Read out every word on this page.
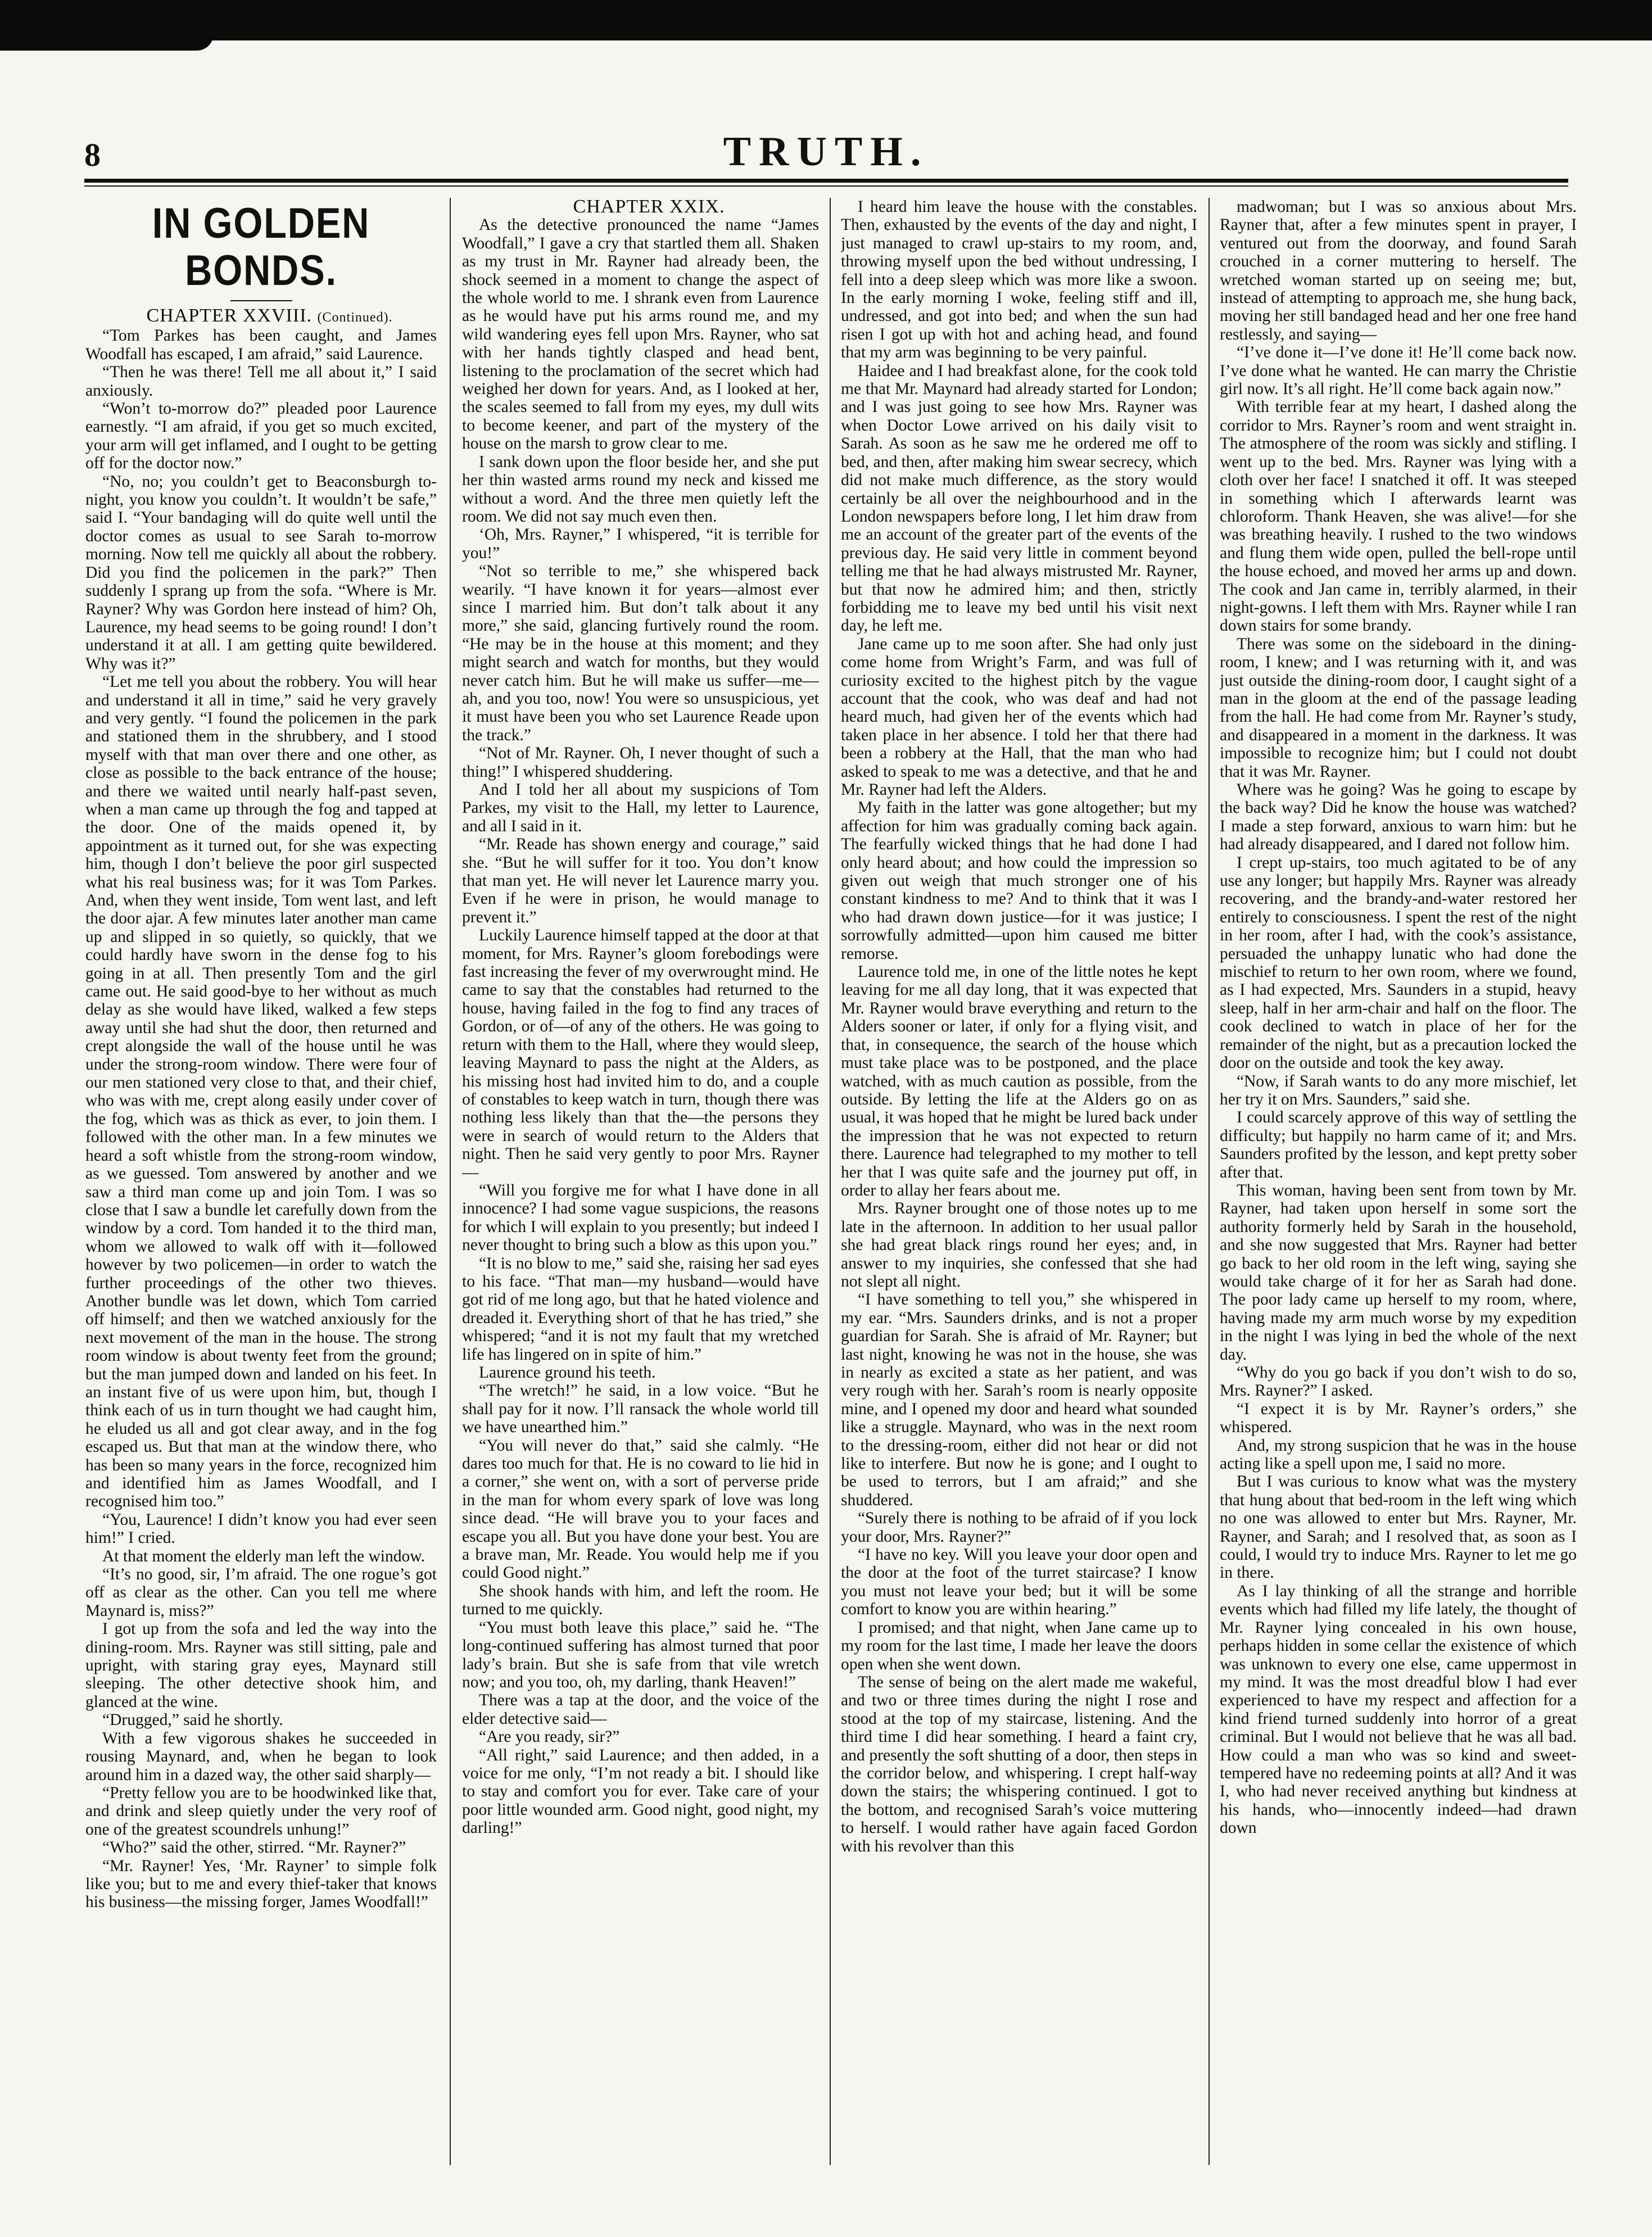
8	TRUTH.
IN GOLDEN BONDS.

CHAPTER XXVIII. (Continued).

“Tom Parkes has been caught, and James Woodfall has escaped, I am afraid,” said Laurence.

“Then he was there! Tell me all about it,” I said anxiously.

“Won’t to-morrow do?” pleaded poor Laurence earnestly. “I am afraid, if you get so much excited, your arm will get inflamed, and I ought to be getting off for the doctor now.”

“No, no; you couldn’t get to Beaconsburgh to-night, you know you couldn’t. It wouldn’t be safe,” said I. “Your bandaging will do quite well until the doctor comes as usual to see Sarah to-morrow morning. Now tell me quickly all about the robbery. Did you find the policemen in the park?” Then suddenly I sprang up from the sofa. “Where is Mr. Rayner? Why was Gordon here instead of him? Oh, Laurence, my head seems to be going round! I don’t understand it at all. I am getting quite bewildered. Why was it?”

“Let me tell you about the robbery. You will hear and understand it all in time,” said he very gravely and very gently. “I found the policemen in the park and stationed them in the shrubbery, and I stood myself with that man over there and one other, as close as possible to the back entrance of the house; and there we waited until nearly half-past seven, when a man came up through the fog and tapped at the door. One of the maids opened it, by appointment as it turned out, for she was expecting him, though I don’t believe the poor girl suspected what his real business was; for it was Tom Parkes. And, when they went inside, Tom went last, and left the door ajar. A few minutes later another man came up and slipped in so quietly, so quickly, that we could hardly have sworn in the dense fog to his going in at all. Then presently Tom and the girl came out. He said good-bye to her without as much delay as she would have liked, walked a few steps away until she had shut the door, then returned and crept alongside the wall of the house until he was under the strong-room window. There were four of our men stationed very close to that, and their chief, who was with me, crept along easily under cover of the fog, which was as thick as ever, to join them. I followed with the other man. In a few minutes we heard a soft whistle from the strong-room window, as we guessed. Tom answered by another and we saw a third man come up and join Tom. I was so close that I saw a bundle let carefully down from the window by a cord. Tom handed it to the third man, whom we allowed to walk off with it—followed however by two policemen—in order to watch the further proceedings of the other two thieves. Another bundle was let down, which Tom carried off himself; and then we watched anxiously for the next movement of the man in the house. The strong room window is about twenty feet from the ground; but the man jumped down and landed on his feet. In an instant five of us were upon him, but, though I think each of us in turn thought we had caught him, he eluded us all and got clear away, and in the fog escaped us. But that man at the window there, who has been so many years in the force, recognized him and identified him as James Woodfall, and I recognised him too.”

“You, Laurence! I didn’t know you had ever seen him!” I cried.

At that moment the elderly man left the window.

“It’s no good, sir, I’m afraid. The one rogue’s got off as clear as the other. Can you tell me where Maynard is, miss?”

I got up from the sofa and led the way into the dining-room. Mrs. Rayner was still sitting, pale and upright, with staring gray eyes, Maynard still sleeping. The other detective shook him, and glanced at the wine.

“Drugged,” said he shortly.

With a few vigorous shakes he succeeded in rousing Maynard, and, when he began to look around him in a dazed way, the other said sharply—

“Pretty fellow you are to be hoodwinked like that, and drink and sleep quietly under the very roof of one of the greatest scoundrels unhung!”

“Who?” said the other, stirred. “Mr. Rayner?”

“Mr. Rayner! Yes, ‘Mr. Rayner’ to simple folk like you; but to me and every thief-taker that knows his business—the missing forger, James Woodfall!”

CHAPTER XXIX.

As the detective pronounced the name “James Woodfall,” I gave a cry that startled them all. Shaken as my trust in Mr. Rayner had already been, the shock seemed in a moment to change the aspect of the whole world to me. I shrank even from Laurence as he would have put his arms round me, and my wild wandering eyes fell upon Mrs. Rayner, who sat with her hands tightly clasped and head bent, listening to the proclamation of the secret which had weighed her down for years. And, as I looked at her, the scales seemed to fall from my eyes, my dull wits to become keener, and part of the mystery of the house on the marsh to grow clear to me.

I sank down upon the floor beside her, and she put her thin wasted arms round my neck and kissed me without a word. And the three men quietly left the room. We did not say much even then.

‘Oh, Mrs. Rayner,” I whispered, “it is terrible for you!”

“Not so terrible to me,” she whispered back wearily. “I have known it for years—almost ever since I married him. But don’t talk about it any more,” she said, glancing furtively round the room. “He may be in the house at this moment; and they might search and watch for months, but they would never catch him. But he will make us suffer—me—ah, and you too, now! You were so unsuspicious, yet it must have been you who set Laurence Reade upon the track.”

“Not of Mr. Rayner. Oh, I never thought of such a thing!” I whispered shuddering.

And I told her all about my suspicions of Tom Parkes, my visit to the Hall, my letter to Laurence, and all I said in it.

“Mr. Reade has shown energy and courage,” said she. “But he will suffer for it too. You don’t know that man yet. He will never let Laurence marry you. Even if he were in prison, he would manage to prevent it.”

Luckily Laurence himself tapped at the door at that moment, for Mrs. Rayner’s gloom forebodings were fast increasing the fever of my overwrought mind. He came to say that the constables had returned to the house, having failed in the fog to find any traces of Gordon, or of—of any of the others. He was going to return with them to the Hall, where they would sleep, leaving Maynard to pass the night at the Alders, as his missing host had invited him to do, and a couple of constables to keep watch in turn, though there was nothing less likely than that the—the persons they were in search of would return to the Alders that night. Then he said very gently to poor Mrs. Rayner—

“Will you forgive me for what I have done in all innocence? I had some vague suspicions, the reasons for which I will explain to you presently; but indeed I never thought to bring such a blow as this upon you.”

“It is no blow to me,” said she, raising her sad eyes to his face. “That man—my husband—would have got rid of me long ago, but that he hated violence and dreaded it. Everything short of that he has tried,” she whispered; “and it is not my fault that my wretched life has lingered on in spite of him.”

Laurence ground his teeth.

“The wretch!” he said, in a low voice. “But he shall pay for it now. I’ll ransack the whole world till we have unearthed him.”

“You will never do that,” said she calmly. “He dares too much for that. He is no coward to lie hid in a corner,” she went on, with a sort of perverse pride in the man for whom every spark of love was long since dead. “He will brave you to your faces and escape you all. But you have done your best. You are a brave man, Mr. Reade. You would help me if you could Good night.”

She shook hands with him, and left the room. He turned to me quickly.

“You must both leave this place,” said he. “The long-continued suffering has almost turned that poor lady’s brain. But she is safe from that vile wretch now; and you too, oh, my darling, thank Heaven!”

There was a tap at the door, and the voice of the elder detective said—

“Are you ready, sir?”

“All right,” said Laurence; and then added, in a voice for me only, “I’m not ready a bit. I should like to stay and comfort you for ever. Take care of your poor little wounded arm. Good night, good night, my darling!”

I heard him leave the house with the constables. Then, exhausted by the events of the day and night, I just managed to crawl up-stairs to my room, and, throwing myself upon the bed without undressing, I fell into a deep sleep which was more like a swoon. In the early morning I woke, feeling stiff and ill, undressed, and got into bed; and when the sun had risen I got up with hot and aching head, and found that my arm was beginning to be very painful.

Haidee and I had breakfast alone, for the cook told me that Mr. Maynard had already started for London; and I was just going to see how Mrs. Rayner was when Doctor Lowe arrived on his daily visit to Sarah. As soon as he saw me he ordered me off to bed, and then, after making him swear secrecy, which did not make much difference, as the story would certainly be all over the neighbourhood and in the London newspapers before long, I let him draw from me an account of the greater part of the events of the previous day. He said very little in comment beyond telling me that he had always mistrusted Mr. Rayner, but that now he admired him; and then, strictly forbidding me to leave my bed until his visit next day, he left me.

Jane came up to me soon after. She had only just come home from Wright’s Farm, and was full of curiosity excited to the highest pitch by the vague account that the cook, who was deaf and had not heard much, had given her of the events which had taken place in her absence. I told her that there had been a robbery at the Hall, that the man who had asked to speak to me was a detective, and that he and Mr. Rayner had left the Alders.

My faith in the latter was gone altogether; but my affection for him was gradually coming back again. The fearfully wicked things that he had done I had only heard about; and how could the impression so given out weigh that much stronger one of his constant kindness to me? And to think that it was I who had drawn down justice—for it was justice; I sorrowfully admitted—upon him caused me bitter remorse.

Laurence told me, in one of the little notes he kept leaving for me all day long, that it was expected that Mr. Rayner would brave everything and return to the Alders sooner or later, if only for a flying visit, and that, in consequence, the search of the house which must take place was to be postponed, and the place watched, with as much caution as possible, from the outside. By letting the life at the Alders go on as usual, it was hoped that he might be lured back under the impression that he was not expected to return there. Laurence had telegraphed to my mother to tell her that I was quite safe and the journey put off, in order to allay her fears about me.

Mrs. Rayner brought one of those notes up to me late in the afternoon. In addition to her usual pallor she had great black rings round her eyes; and, in answer to my inquiries, she confessed that she had not slept all night.

“I have something to tell you,” she whispered in my ear. “Mrs. Saunders drinks, and is not a proper guardian for Sarah. She is afraid of Mr. Rayner; but last night, knowing he was not in the house, she was in nearly as excited a state as her patient, and was very rough with her. Sarah’s room is nearly opposite mine, and I opened my door and heard what sounded like a struggle. Maynard, who was in the next room to the dressing-room, either did not hear or did not like to interfere. But now he is gone; and I ought to be used to terrors, but I am afraid;” and she shuddered.

“Surely there is nothing to be afraid of if you lock your door, Mrs. Rayner?”

“I have no key. Will you leave your door open and the door at the foot of the turret staircase? I know you must not leave your bed; but it will be some comfort to know you are within hearing.”

I promised; and that night, when Jane came up to my room for the last time, I made her leave the doors open when she went down.

The sense of being on the alert made me wakeful, and two or three times during the night I rose and stood at the top of my staircase, listening. And the third time I did hear something. I heard a faint cry, and presently the soft shutting of a door, then steps in the corridor below, and whispering. I crept half-way down the stairs; the whispering continued. I got to the bottom, and recognised Sarah’s voice muttering to herself. I would rather have again faced Gordon with his revolver than this

madwoman; but I was so anxious about Mrs. Rayner that, after a few minutes spent in prayer, I ventured out from the doorway, and found Sarah crouched in a corner muttering to herself. The wretched woman started up on seeing me; but, instead of attempting to approach me, she hung back, moving her still bandaged head and her one free hand restlessly, and saying—

“I’ve done it—I’ve done it! He’ll come back now. I’ve done what he wanted. He can marry the Christie girl now. It’s all right. He’ll come back again now.”

With terrible fear at my heart, I dashed along the corridor to Mrs. Rayner’s room and went straight in. The atmosphere of the room was sickly and stifling. I went up to the bed. Mrs. Rayner was lying with a cloth over her face! I snatched it off. It was steeped in something which I afterwards learnt was chloroform. Thank Heaven, she was alive!—for she was breathing heavily. I rushed to the two windows and flung them wide open, pulled the bell-rope until the house echoed, and moved her arms up and down. The cook and Jan came in, terribly alarmed, in their night-gowns. I left them with Mrs. Rayner while I ran down stairs for some brandy.

There was some on the sideboard in the dining-room, I knew; and I was returning with it, and was just outside the dining-room door, I caught sight of a man in the gloom at the end of the passage leading from the hall. He had come from Mr. Rayner’s study, and disappeared in a moment in the darkness. It was impossible to recognize him; but I could not doubt that it was Mr. Rayner.

Where was he going? Was he going to escape by the back way? Did he know the house was watched? I made a step forward, anxious to warn him: but he had already disappeared, and I dared not follow him.

I crept up-stairs, too much agitated to be of any use any longer; but happily Mrs. Rayner was already recovering, and the brandy-and-water restored her entirely to consciousness. I spent the rest of the night in her room, after I had, with the cook’s assistance, persuaded the unhappy lunatic who had done the mischief to return to her own room, where we found, as I had expected, Mrs. Saunders in a stupid, heavy sleep, half in her arm-chair and half on the floor. The cook declined to watch in place of her for the remainder of the night, but as a precaution locked the door on the outside and took the key away.

“Now, if Sarah wants to do any more mischief, let her try it on Mrs. Saunders,” said she.

I could scarcely approve of this way of settling the difficulty; but happily no harm came of it; and Mrs. Saunders profited by the lesson, and kept pretty sober after that.

This woman, having been sent from town by Mr. Rayner, had taken upon herself in some sort the authority formerly held by Sarah in the household, and she now suggested that Mrs. Rayner had better go back to her old room in the left wing, saying she would take charge of it for her as Sarah had done. The poor lady came up herself to my room, where, having made my arm much worse by my expedition in the night I was lying in bed the whole of the next day.

“Why do you go back if you don’t wish to do so, Mrs. Rayner?” I asked.

“I expect it is by Mr. Rayner’s orders,” she whispered.

And, my strong suspicion that he was in the house acting like a spell upon me, I said no more.

But I was curious to know what was the mystery that hung about that bed-room in the left wing which no one was allowed to enter but Mrs. Rayner, Mr. Rayner, and Sarah; and I resolved that, as soon as I could, I would try to induce Mrs. Rayner to let me go in there.

As I lay thinking of all the strange and horrible events which had filled my life lately, the thought of Mr. Rayner lying concealed in his own house, perhaps hidden in some cellar the existence of which was unknown to every one else, came uppermost in my mind. It was the most dreadful blow I had ever experienced to have my respect and affection for a kind friend turned suddenly into horror of a great criminal. But I would not believe that he was all bad. How could a man who was so kind and sweet-tempered have no redeeming points at all? And it was I, who had never received anything but kindness at his hands, who—innocently indeed—had drawn down
